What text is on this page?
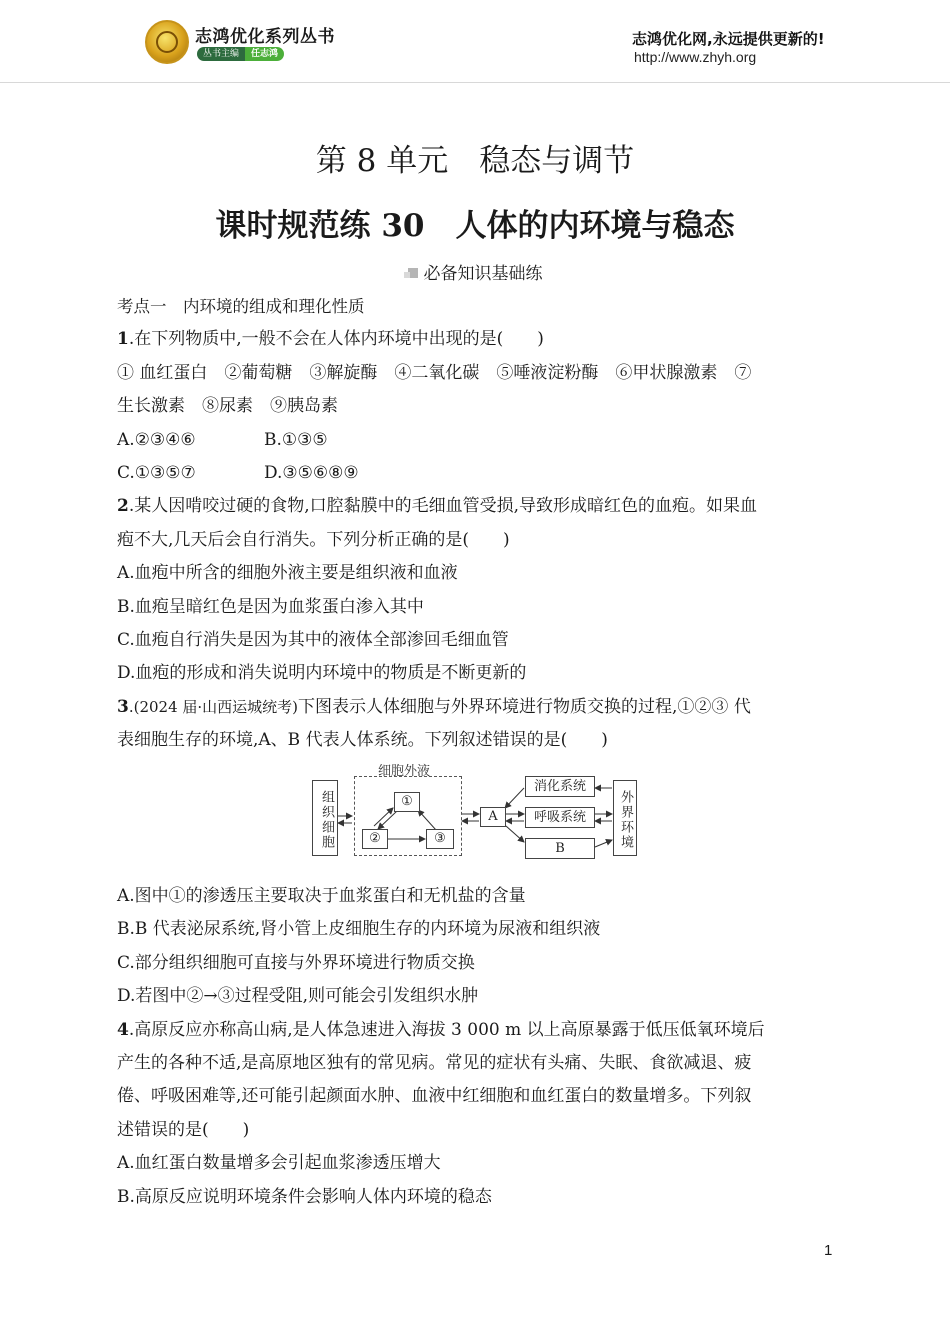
志鸿优化系列丛书
丛书主编	任志鸿
志鸿优化网,永远提供更新的!
http://www.zhyh.org
第 8 单元　稳态与调节
课时规范练 30　人体的内环境与稳态
必备知识基础练
考点一　内环境的组成和理化性质
1.在下列物质中,一般不会在人体内环境中出现的是(　　)
① 血红蛋白　②葡萄糖　③解旋酶　④二氧化碳　⑤唾液淀粉酶　⑥甲状腺激素　⑦
生长激素　⑧尿素　⑨胰岛素
A.②③④⑥	B.①③⑤
C.①③⑤⑦	D.③⑤⑥⑧⑨
2.某人因啃咬过硬的食物,口腔黏膜中的毛细血管受损,导致形成暗红色的血疱。如果血
疱不大,几天后会自行消失。下列分析正确的是(　　)
A.血疱中所含的细胞外液主要是组织液和血液
B.血疱呈暗红色是因为血浆蛋白渗入其中
C.血疱自行消失是因为其中的液体全部渗回毛细血管
D.血疱的形成和消失说明内环境中的物质是不断更新的
3.(2024 届·山西运城统考)下图表示人体细胞与外界环境进行物质交换的过程,①②③ 代
表细胞生存的环境,A、B 代表人体系统。下列叙述错误的是(　　)
组织细胞
细胞外液
①
②	③
A
消化系统
呼吸系统
B	外界环境
A.图中①的渗透压主要取决于血浆蛋白和无机盐的含量
B.B 代表泌尿系统,肾小管上皮细胞生存的内环境为尿液和组织液
C.部分组织细胞可直接与外界环境进行物质交换
D.若图中②→③过程受阻,则可能会引发组织水肿
4.高原反应亦称高山病,是人体急速进入海拔 3 000 m 以上高原暴露于低压低氧环境后
产生的各种不适,是高原地区独有的常见病。常见的症状有头痛、失眠、食欲减退、疲
倦、呼吸困难等,还可能引起颜面水肿、血液中红细胞和血红蛋白的数量增多。下列叙
述错误的是(　　)
A.血红蛋白数量增多会引起血浆渗透压增大
B.高原反应说明环境条件会影响人体内环境的稳态
1
